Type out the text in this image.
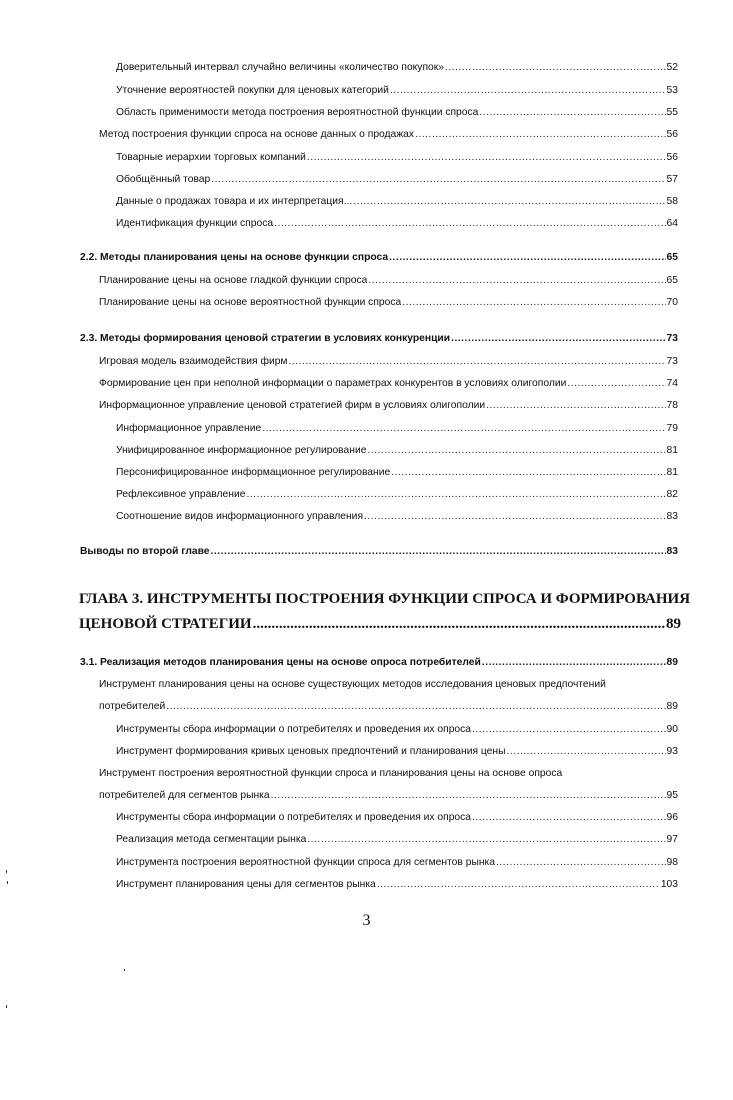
Доверительный интервал случайно величины «количество покупок» .....	52
Уточнение вероятностей покупки для ценовых категорий .....	53
Область применимости метода построения вероятностной функции спроса .....	55
Метод построения функции спроса на основе данных о продажах .....	56
Товарные иерархии торговых компаний .....	56
Обобщённый товар .....	57
Данные о продажах товара и их интерпретация... .....	58
Идентификация функции спроса .....	64
2.2. Методы планирования цены на основе функции спроса .....	65
Планирование цены на основе гладкой функции спроса .....	65
Планирование цены на основе вероятностной функции спроса .....	70
2.3. Методы формирования ценовой стратегии в условиях конкуренции .....	73
Игровая модель взаимодействия фирм .....	73
Формирование цен при неполной информации о параметрах конкурентов в условиях олигополии .....	74
Информационное управление ценовой стратегией фирм в условиях олигополии .....	78
Информационное управление .....	79
Унифицированное информационное регулирование .....	81
Персонифицированное информационное регулирование .....	81
Рефлексивное управление .....	82
Соотношение видов информационного управления .....	83
Выводы по второй главе .....	83
ГЛАВА 3. ИНСТРУМЕНТЫ ПОСТРОЕНИЯ ФУНКЦИИ СПРОСА И ФОРМИРОВАНИЯ
ЦЕНОВОЙ СТРАТЕГИИ .....	89
3.1. Реализация методов планирования цены на основе опроса потребителей .....	89
Инструмент планирования цены на основе существующих методов исследования ценовых предпочтений
потребителей .....	89
Инструменты сбора информации о потребителях и проведения их опроса .....	90
Инструмент формирования кривых ценовых предпочтений и планирования цены .....	93
Инструмент построения вероятностной функции спроса и планирования цены на основе опроса
потребителей для сегментов рынка .....	95
Инструменты сбора информации о потребителях и проведения их опроса .....	96
Реализация метода сегментации рынка .....	97
Инструмента построения вероятностной функции спроса для сегментов рынка .....	98
Инструмент планирования цены для сегментов рынка .....	103
3
